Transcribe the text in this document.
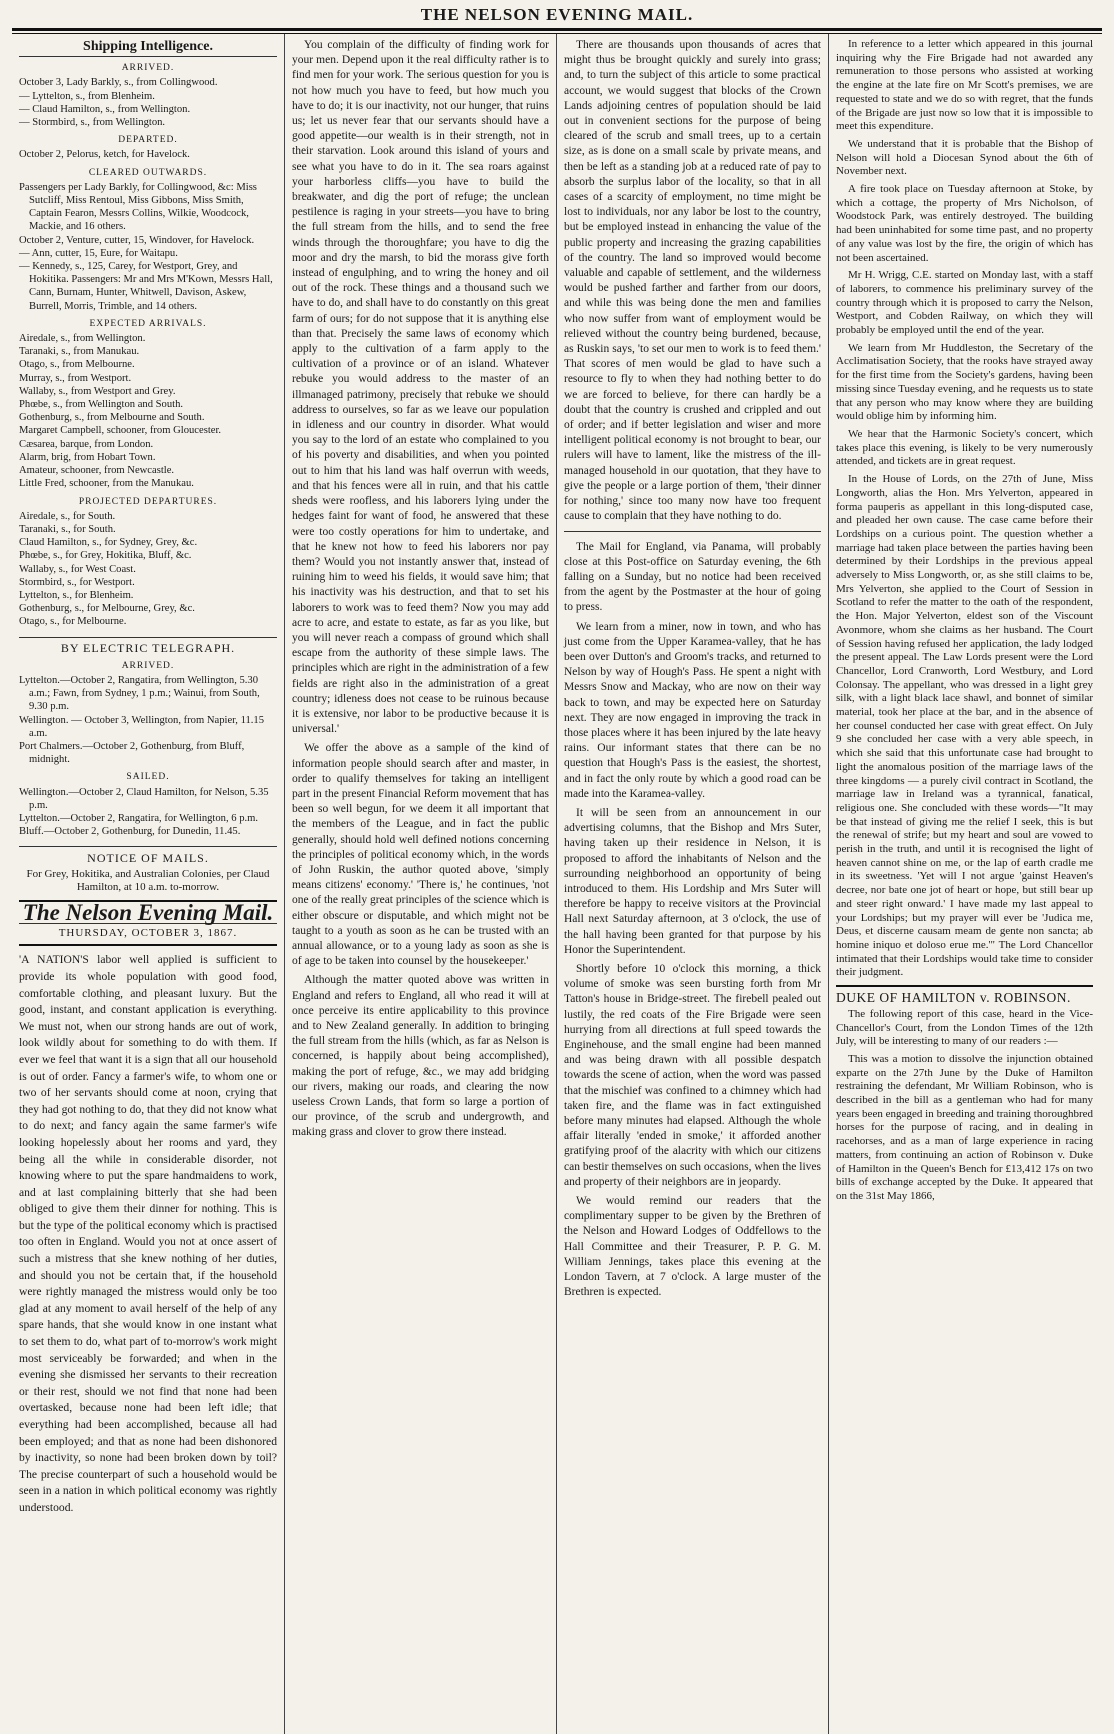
THE NELSON EVENING MAIL.
Shipping Intelligence.
ARRIVED.
October 3, Lady Barkly, s., from Collingwood.
— Lyttelton, s., from Blenheim.
— Claud Hamilton, s., from Wellington.
— Stormbird, s., from Wellington.
DEPARTED.
October 2, Pelorus, ketch, for Havelock.
CLEARED OUTWARDS.
Passengers per Lady Barkly, for Collingwood, &c: Miss Sutcliff, Miss Rentoul, Miss Gibbons, Miss Smith, Captain Fearon, Messrs Collins, Wilkie, Woodcock, Mackie, and 16 others.
October 2, Venture, cutter, 15, Windover, for Havelock.
— Ann, cutter, 15, Eure, for Waitapu.
— Kennedy, s., 125, Carey, for Westport, Grey, and Hokitika. Passengers: Mr and Mrs M'Kown, Messrs Hall, Cann, Burnam, Hunter, Whitwell, Davison, Askew, Burrell, Morris, Trimble, and 14 others.
EXPECTED ARRIVALS.
Airedale, s., from Wellington.
Taranaki, s., from Manukau.
Otago, s., from Melbourne.
Murray, s., from Westport.
Wallaby, s., from Westport and Grey.
Phœbe, s., from Wellington and South.
Gothenburg, s., from Melbourne and South.
Margaret Campbell, schooner, from Gloucester.
Cæsarea, barque, from London.
Alarm, brig, from Hobart Town.
Amateur, schooner, from Newcastle.
Little Fred, schooner, from the Manukau.
PROJECTED DEPARTURES.
Airedale, s., for South.
Taranaki, s., for South.
Claud Hamilton, s., for Sydney, Grey, &c.
Phœbe, s., for Grey, Hokitika, Bluff, &c.
Wallaby, s., for West Coast.
Stormbird, s., for Westport.
Lyttelton, s., for Blenheim.
Gothenburg, s., for Melbourne, Grey, &c.
Otago, s., for Melbourne.
BY ELECTRIC TELEGRAPH.
ARRIVED.
Lyttelton.—October 2, Rangatira, from Wellington, 5.30 a.m.; Fawn, from Sydney, 1 p.m.; Wainui, from South, 9.30 p.m.
Wellington. — October 3, Wellington, from Napier, 11.15 a.m.
Port Chalmers.—October 2, Gothenburg, from Bluff, midnight.
SAILED.
Wellington.—October 2, Claud Hamilton, for Nelson, 5.35 p.m.
Lyttelton.—October 2, Rangatira, for Wellington, 6 p.m.
Bluff.—October 2, Gothenburg, for Dunedin, 11.45.
NOTICE OF MAILS.
For Grey, Hokitika, and Australian Colonies, per Claud Hamilton, at 10 a.m. to-morrow.
The Nelson Evening Mail.
THURSDAY, OCTOBER 3, 1867.

'A NATION'S labor well applied is sufficient to provide its whole population with good food, comfortable clothing, and pleasant luxury. But the good, instant, and constant application is everything. We must not, when our strong hands are out of work, look wildly about for something to do with them. If ever we feel that want it is a sign that all our household is out of order. Fancy a farmer's wife, to whom one or two of her servants should come at noon, crying that they had got nothing to do, that they did not know what to do next; and fancy again the same farmer's wife looking hopelessly about her rooms and yard, they being all the while in considerable disorder, not knowing where to put the spare handmaidens to work, and at last complaining bitterly that she had been obliged to give them their dinner for nothing. This is but the type of the political economy which is practised too often in England. Would you not at once assert of such a mistress that she knew nothing of her duties, and should you not be certain that, if the household were rightly managed the mistress would only be too glad at any moment to avail herself of the help of any spare hands, that she would know in one instant what to set them to do, what part of to-morrow's work might most serviceably be forwarded; and when in the evening she dismissed her servants to their recreation or their rest, should we not find that none had been overtasked, because none had been left idle; that everything had been accomplished, because all had been employed; and that as none had been dishonored by inactivity, so none had been broken down by toil? The precise counterpart of such a household would be seen in a nation in which political economy was rightly understood.

You complain of the difficulty of finding work for your men. Depend upon it the real difficulty rather is to find men for your work. The serious question for you is not how much you have to feed, but how much you have to do; it is our inactivity, not our hunger, that ruins us; let us never fear that our servants should have a good appetite—our wealth is in their strength, not in their starvation. Look around this island of yours and see what you have to do in it. The sea roars against your harborless cliffs—you have to build the breakwater, and dig the port of refuge; the unclean pestilence is raging in your streets—you have to bring the full stream from the hills, and to send the free winds through the thoroughfare; you have to dig the moor and dry the marsh, to bid the morass give forth instead of engulphing, and to wring the honey and oil out of the rock. These things and a thousand such we have to do, and shall have to do constantly on this great farm of ours; for do not suppose that it is anything else than that. Precisely the same laws of economy which apply to the cultivation of a farm apply to the cultivation of a province or of an island. Whatever rebuke you would address to the master of an illmanaged patrimony, precisely that rebuke we should address to ourselves, so far as we leave our population in idleness and our country in disorder. What would you say to the lord of an estate who complained to you of his poverty and disabilities, and when you pointed out to him that his land was half overrun with weeds, and that his fences were all in ruin, and that his cattle sheds were roofless, and his laborers lying under the hedges faint for want of food, he answered that these were too costly operations for him to undertake, and that he knew not how to feed his laborers nor pay them? Would you not instantly answer that, instead of ruining him to weed his fields, it would save him; that his inactivity was his destruction, and that to set his laborers to work was to feed them? Now you may add acre to acre, and estate to estate, as far as you like, but you will never reach a compass of ground which shall escape from the authority of these simple laws. The principles which are right in the administration of a few fields are right also in the administration of a great country; idleness does not cease to be ruinous because it is extensive, nor labor to be productive because it is universal.'

We offer the above as a sample of the kind of information people should search after and master, in order to qualify themselves for taking an intelligent part in the present Financial Reform movement that has been so well begun, for we deem it all important that the members of the League, and in fact the public generally, should hold well defined notions concerning the principles of political economy which, in the words of John Ruskin, the author quoted above, 'simply means citizens' economy.' 'There is,' he continues, 'not one of the really great principles of the science which is either obscure or disputable, and which might not be taught to a youth as soon as he can be trusted with an annual allowance, or to a young lady as soon as she is of age to be taken into counsel by the housekeeper.'

Although the matter quoted above was written in England and refers to England, all who read it will at once perceive its entire applicability to this province and to New Zealand generally. In addition to bringing the full stream from the hills (which, as far as Nelson is concerned, is happily about being accomplished), making the port of refuge, &c., we may add bridging our rivers, making our roads, and clearing the now useless Crown Lands, that form so large a portion of our province, of the scrub and undergrowth, and making grass and clover to grow there instead.

There are thousands upon thousands of acres that might thus be brought quickly and surely into grass; and, to turn the subject of this article to some practical account, we would suggest that blocks of the Crown Lands adjoining centres of population should be laid out in convenient sections for the purpose of being cleared of the scrub and small trees, up to a certain size, as is done on a small scale by private means, and then be left as a standing job at a reduced rate of pay to absorb the surplus labor of the locality, so that in all cases of a scarcity of employment, no time might be lost to individuals, nor any labor be lost to the country, but be employed instead in enhancing the value of the public property and increasing the grazing capabilities of the country. The land so improved would become valuable and capable of settlement, and the wilderness would be pushed farther and farther from our doors, and while this was being done the men and families who now suffer from want of employment would be relieved without the country being burdened, because, as Ruskin says, 'to set our men to work is to feed them.' That scores of men would be glad to have such a resource to fly to when they had nothing better to do we are forced to believe, for there can hardly be a doubt that the country is crushed and crippled and out of order; and if better legislation and wiser and more intelligent political economy is not brought to bear, our rulers will have to lament, like the mistress of the ill-managed household in our quotation, that they have to give the people or a large portion of them, 'their dinner for nothing,' since too many now have too frequent cause to complain that they have nothing to do.

The Mail for England, via Panama, will probably close at this Post-office on Saturday evening, the 6th falling on a Sunday, but no notice had been received from the agent by the Postmaster at the hour of going to press.

We learn from a miner, now in town, and who has just come from the Upper Karamea-valley, that he has been over Dutton's and Groom's tracks, and returned to Nelson by way of Hough's Pass. He spent a night with Messrs Snow and Mackay, who are now on their way back to town, and may be expected here on Saturday next. They are now engaged in improving the track in those places where it has been injured by the late heavy rains. Our informant states that there can be no question that Hough's Pass is the easiest, the shortest, and in fact the only route by which a good road can be made into the Karamea-valley.

It will be seen from an announcement in our advertising columns, that the Bishop and Mrs Suter, having taken up their residence in Nelson, it is proposed to afford the inhabitants of Nelson and the surrounding neighborhood an opportunity of being introduced to them. His Lordship and Mrs Suter will therefore be happy to receive visitors at the Provincial Hall next Saturday afternoon, at 3 o'clock, the use of the hall having been granted for that purpose by his Honor the Superintendent.

Shortly before 10 o'clock this morning, a thick volume of smoke was seen bursting forth from Mr Tatton's house in Bridge-street. The firebell pealed out lustily, the red coats of the Fire Brigade were seen hurrying from all directions at full speed towards the Enginehouse, and the small engine had been manned and was being drawn with all possible despatch towards the scene of action, when the word was passed that the mischief was confined to a chimney which had taken fire, and the flame was in fact extinguished before many minutes had elapsed. Although the whole affair literally 'ended in smoke,' it afforded another gratifying proof of the alacrity with which our citizens can bestir themselves on such occasions, when the lives and property of their neighbors are in jeopardy.

We would remind our readers that the complimentary supper to be given by the Brethren of the Nelson and Howard Lodges of Oddfellows to the Hall Committee and their Treasurer, P. P. G. M. William Jennings, takes place this evening at the London Tavern, at 7 o'clock. A large muster of the Brethren is expected.

In reference to a letter which appeared in this journal inquiring why the Fire Brigade had not awarded any remuneration to those persons who assisted at working the engine at the late fire on Mr Scott's premises, we are requested to state and we do so with regret, that the funds of the Brigade are just now so low that it is impossible to meet this expenditure.

We understand that it is probable that the Bishop of Nelson will hold a Diocesan Synod about the 6th of November next.

A fire took place on Tuesday afternoon at Stoke, by which a cottage, the property of Mrs Nicholson, of Woodstock Park, was entirely destroyed. The building had been uninhabited for some time past, and no property of any value was lost by the fire, the origin of which has not been ascertained.

Mr H. Wrigg, C.E. started on Monday last, with a staff of laborers, to commence his preliminary survey of the country through which it is proposed to carry the Nelson, Westport, and Cobden Railway, on which they will probably be employed until the end of the year.

We learn from Mr Huddleston, the Secretary of the Acclimatisation Society, that the rooks have strayed away for the first time from the Society's gardens, having been missing since Tuesday evening, and he requests us to state that any person who may know where they are building would oblige him by informing him.

We hear that the Harmonic Society's concert, which takes place this evening, is likely to be very numerously attended, and tickets are in great request.

In the House of Lords, on the 27th of June, Miss Longworth, alias the Hon. Mrs Yelverton, appeared in forma pauperis as appellant in this long-disputed case, and pleaded her own cause. The case came before their Lordships on a curious point. The question whether a marriage had taken place between the parties having been determined by their Lordships in the previous appeal adversely to Miss Longworth, or, as she still claims to be, Mrs Yelverton, she applied to the Court of Session in Scotland to refer the matter to the oath of the respondent, the Hon. Major Yelverton, eldest son of the Viscount Avonmore, whom she claims as her husband. The Court of Session having refused her application, the lady lodged the present appeal. The Law Lords present were the Lord Chancellor, Lord Cranworth, Lord Westbury, and Lord Colonsay. The appellant, who was dressed in a light grey silk, with a light black lace shawl, and bonnet of similar material, took her place at the bar, and in the absence of her counsel conducted her case with great effect. On July 9 she concluded her case with a very able speech, in which she said that this unfortunate case had brought to light the anomalous position of the marriage laws of the three kingdoms — a purely civil contract in Scotland, the marriage law in Ireland was a tyrannical, fanatical, religious one. She concluded with these words—"It may be that instead of giving me the relief I seek, this is but the renewal of strife; but my heart and soul are vowed to perish in the truth, and until it is recognised the light of heaven cannot shine on me, or the lap of earth cradle me in its sweetness. 'Yet will I not argue 'gainst Heaven's decree, nor bate one jot of heart or hope, but still bear up and steer right onward.' I have made my last appeal to your Lordships; but my prayer will ever be 'Judica me, Deus, et discerne causam meam de gente non sancta; ab homine iniquo et doloso erue me.'" The Lord Chancellor intimated that their Lordships would take time to consider their judgment.

DUKE OF HAMILTON v. ROBINSON.

The following report of this case, heard in the Vice-Chancellor's Court, from the London Times of the 12th July, will be interesting to many of our readers :—

This was a motion to dissolve the injunction obtained exparte on the 27th June by the Duke of Hamilton restraining the defendant, Mr William Robinson, who is described in the bill as a gentleman who had for many years been engaged in breeding and training thoroughbred horses for the purpose of racing, and in dealing in racehorses, and as a man of large experience in racing matters, from continuing an action of Robinson v. Duke of Hamilton in the Queen's Bench for £13,412 17s on two bills of exchange accepted by the Duke. It appeared that on the 31st May 1866,
